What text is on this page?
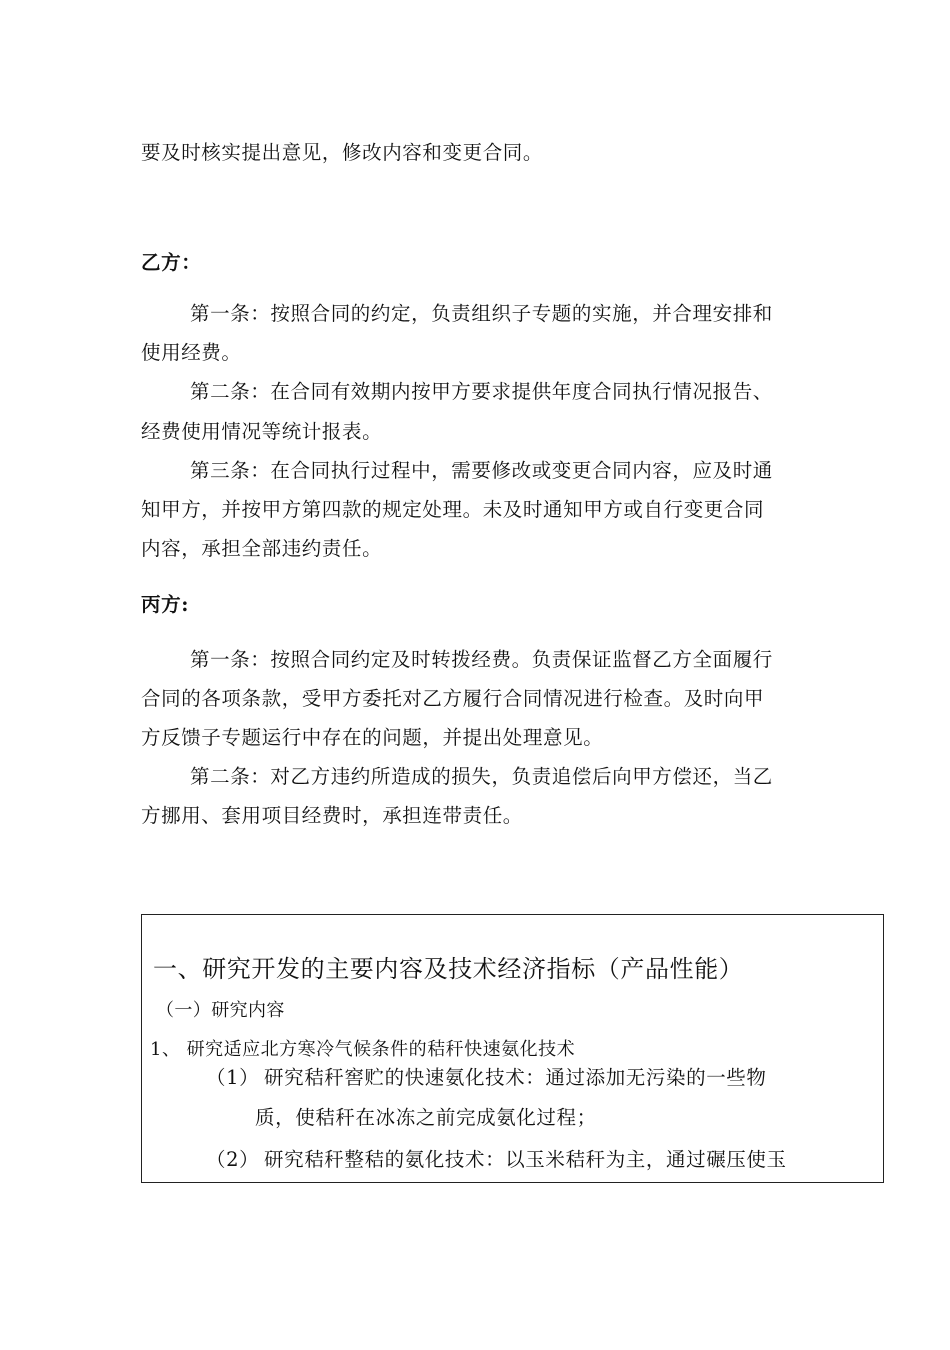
要及时核实提出意见，修改内容和变更合同。

乙方：

第一条：按照合同的约定，负责组织子专题的实施，并合理安排和

使用经费。

第二条：在合同有效期内按甲方要求提供年度合同执行情况报告、

经费使用情况等统计报表。

第三条：在合同执行过程中，需要修改或变更合同内容，应及时通

知甲方，并按甲方第四款的规定处理。未及时通知甲方或自行变更合同

内容，承担全部违约责任。

丙方:

第一条：按照合同约定及时转拨经费。负责保证监督乙方全面履行

合同的各项条款，受甲方委托对乙方履行合同情况进行检查。及时向甲

方反馈子专题运行中存在的问题，并提出处理意见。

第二条：对乙方违约所造成的损失，负责追偿后向甲方偿还，当乙

方挪用、套用项目经费时，承担连带责任。

一、研究开发的主要内容及技术经济指标（产品性能）

（一）研究内容

1、 研究适应北方寒冷气候条件的秸秆快速氨化技术

（1） 研究秸秆窖贮的快速氨化技术：通过添加无污染的一些物

质，使秸秆在冰冻之前完成氨化过程；

（2） 研究秸秆整秸的氨化技术：以玉米秸秆为主，通过碾压使玉
